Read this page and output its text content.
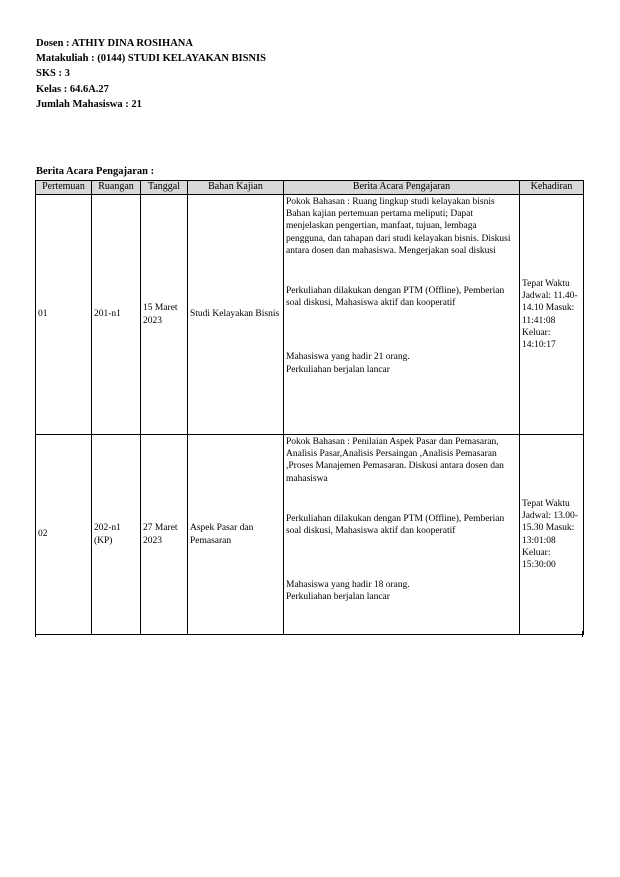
Dosen : ATHIY DINA ROSIHANA
Matakuliah : (0144) STUDI KELAYAKAN BISNIS
SKS : 3
Kelas : 64.6A.27
Jumlah Mahasiswa : 21
Berita Acara Pengajaran :
Pertemuan	Ruangan	Tanggal	Bahan Kajian	Berita Acara Pengajaran	Kehadiran
01	201-n1	15 Maret 2023	Studi Kelayakan Bisnis	Pokok Bahasan : Ruang lingkup studi kelayakan bisnis
Bahan kajian pertemuan pertama meliputi; Dapat menjelaskan pengertian, manfaat, tujuan, lembaga pengguna, dan tahapan dari studi kelayakan bisnis. Diskusi antara dosen dan mahasiswa. Mengerjakan soal diskusi
Perkuliahan dilakukan dengan PTM (Offline), Pemberian soal diskusi, Mahasiswa aktif dan kooperatif
Mahasiswa yang hadir 21 orang.
Perkuliahan berjalan lancar	Tepat Waktu Jadwal: 11.40-14.10 Masuk: 11:41:08 Keluar: 14:10:17
02	202-n1 (KP)	27 Maret 2023	Aspek Pasar dan Pemasaran	Pokok Bahasan : Penilaian Aspek Pasar dan Pemasaran, Analisis Pasar,Analisis Persaingan ,Analisis Pemasaran ,Proses Manajemen Pemasaran. Diskusi antara dosen dan mahasiswa
Perkuliahan dilakukan dengan PTM (Offline), Pemberian soal diskusi, Mahasiswa aktif dan kooperatif
Mahasiswa yang hadir 18 orang.
Perkuliahan berjalan lancar	Tepat Waktu Jadwal: 13.00-15.30 Masuk: 13:01:08 Keluar: 15:30:00
